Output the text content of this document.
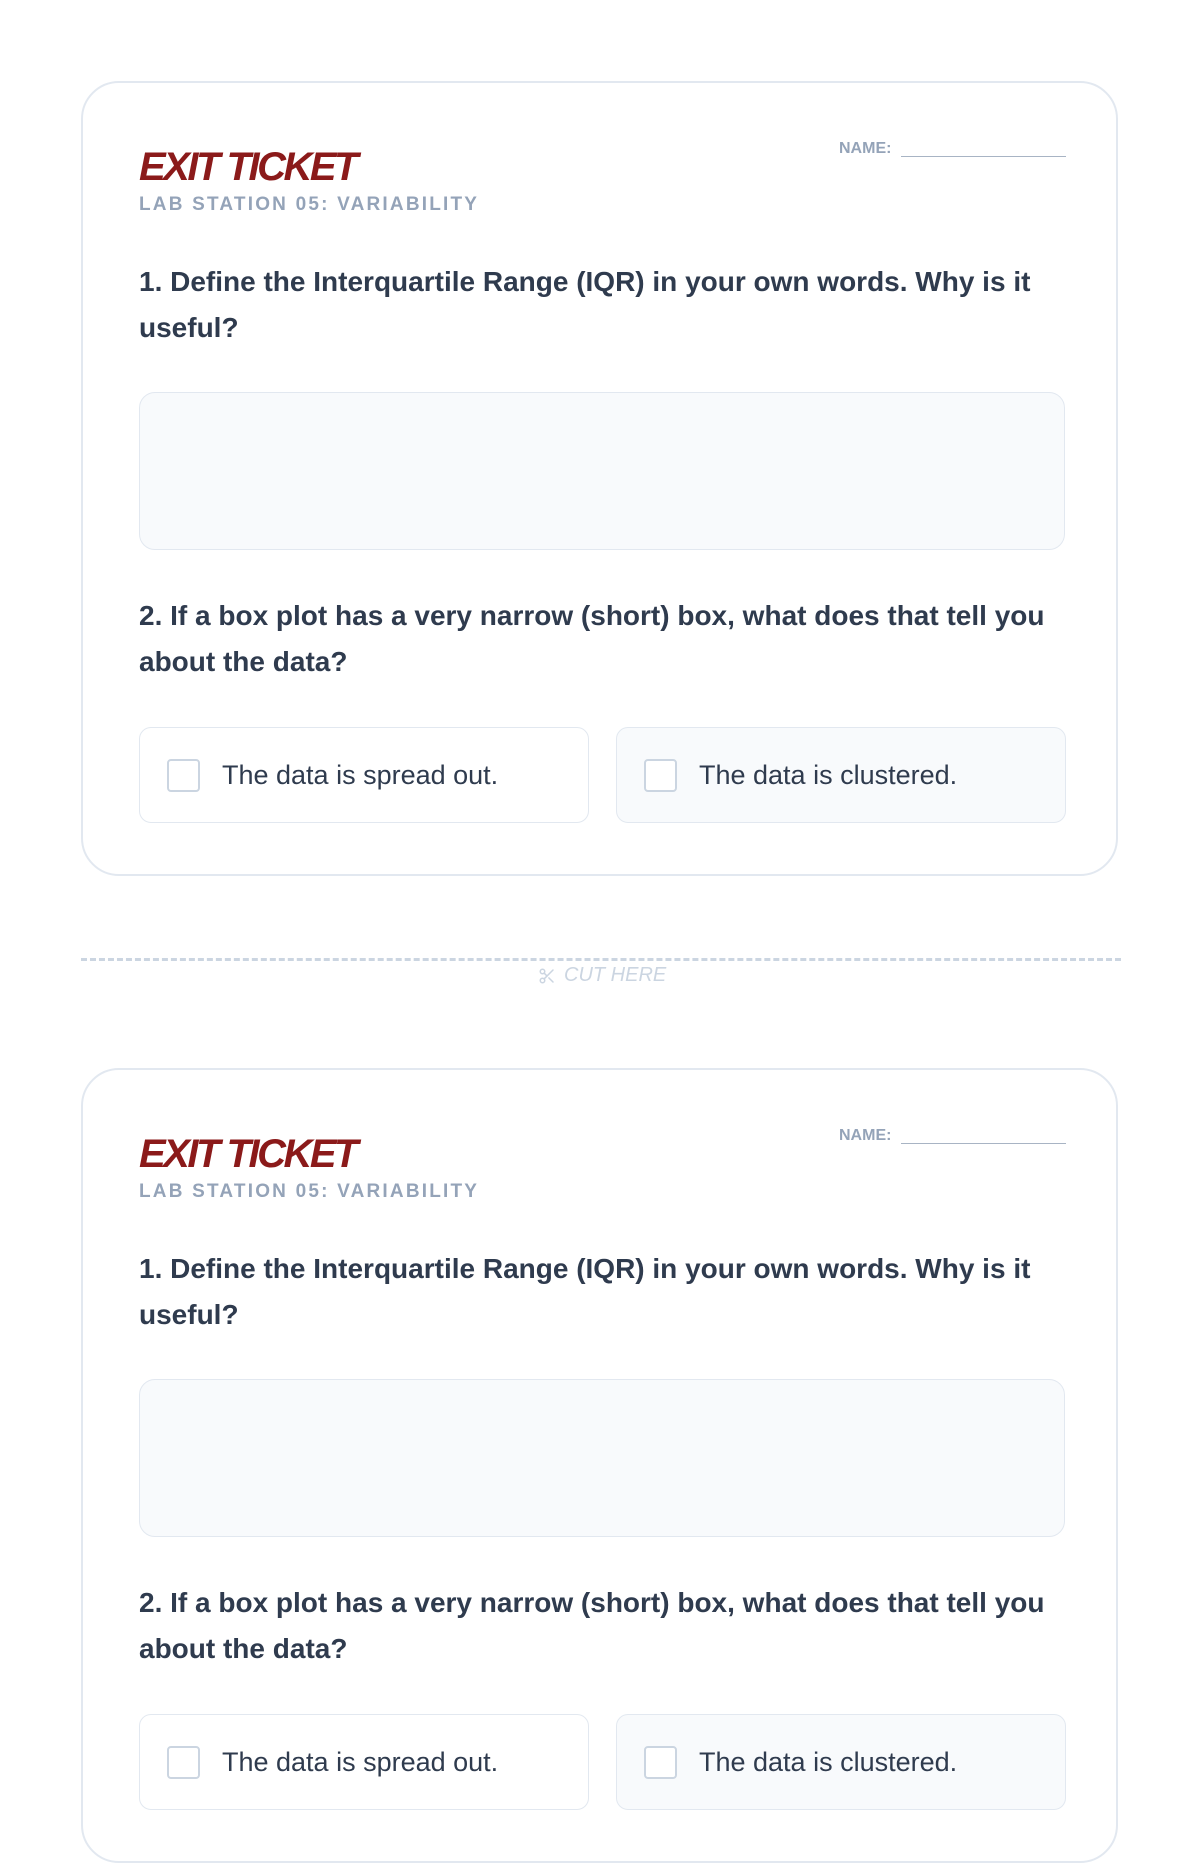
EXIT TICKET
LAB STATION 05: VARIABILITY
NAME:

1. Define the Interquartile Range (IQR) in your own words. Why is it useful?

2. If a box plot has a very narrow (short) box, what does that tell you about the data?

The data is spread out.	The data is clustered.
CUT HERE
EXIT TICKET
LAB STATION 05: VARIABILITY
NAME:

1. Define the Interquartile Range (IQR) in your own words. Why is it useful?

2. If a box plot has a very narrow (short) box, what does that tell you about the data?

The data is spread out.	The data is clustered.
